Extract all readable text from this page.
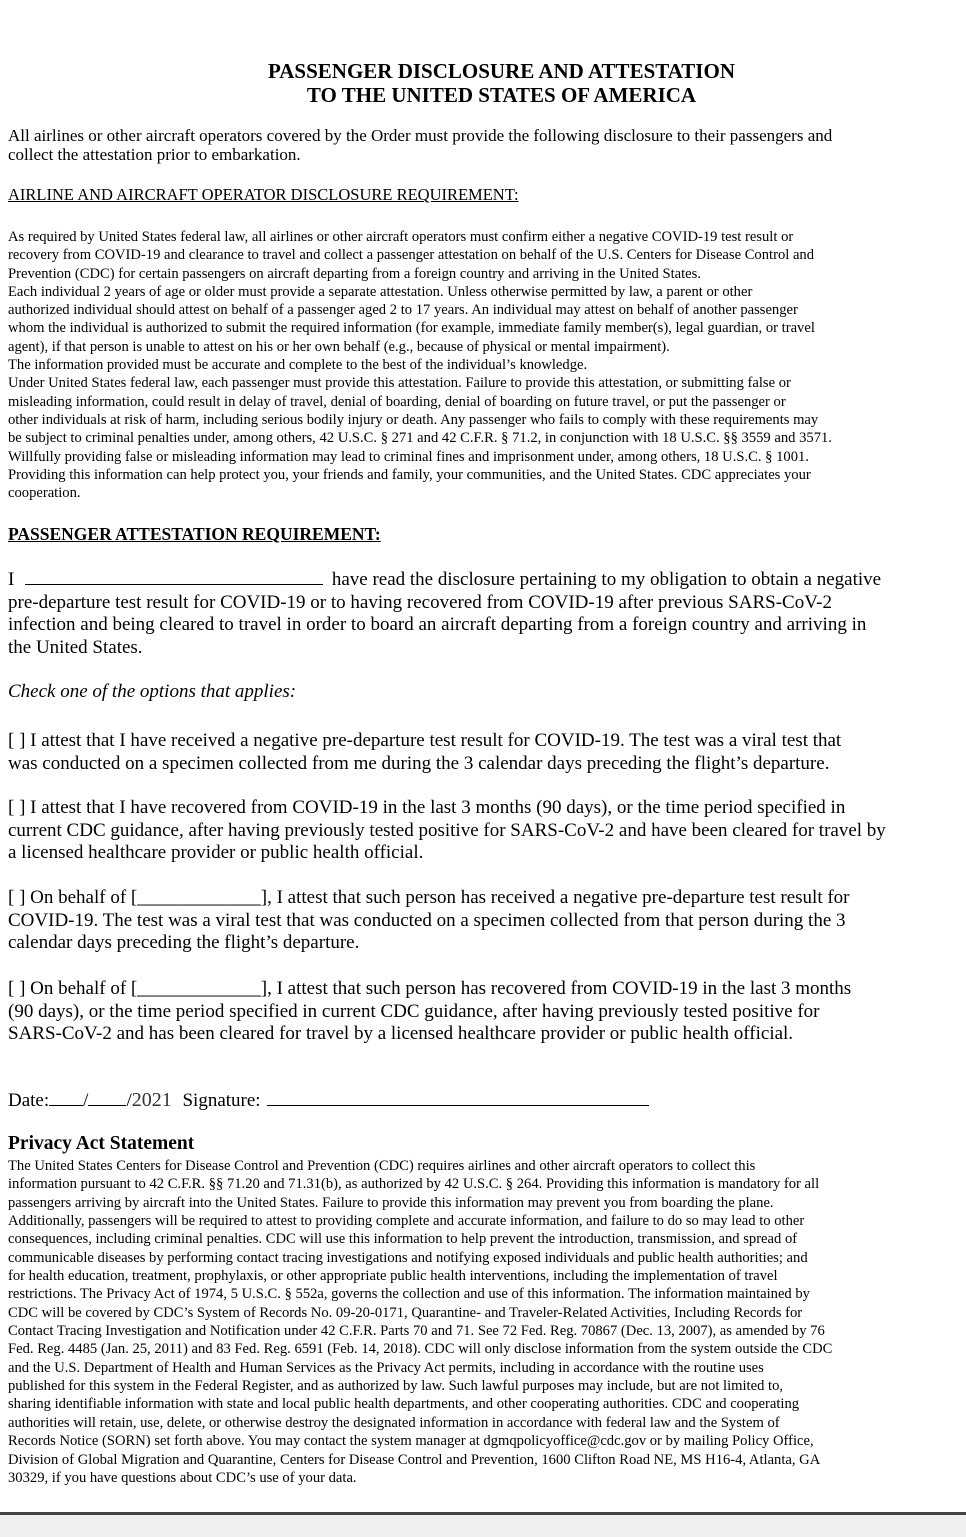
PASSENGER DISCLOSURE AND ATTESTATION
TO THE UNITED STATES OF AMERICA
All airlines or other aircraft operators covered by the Order must provide the following disclosure to their passengers and
collect the attestation prior to embarkation.
AIRLINE AND AIRCRAFT OPERATOR DISCLOSURE REQUIREMENT:
As required by United States federal law, all airlines or other aircraft operators must confirm either a negative COVID-19 test result or
recovery from COVID-19 and clearance to travel and collect a passenger attestation on behalf of the U.S. Centers for Disease Control and
Prevention (CDC) for certain passengers on aircraft departing from a foreign country and arriving in the United States.
Each individual 2 years of age or older must provide a separate attestation. Unless otherwise permitted by law, a parent or other
authorized individual should attest on behalf of a passenger aged 2 to 17 years. An individual may attest on behalf of another passenger
whom the individual is authorized to submit the required information (for example, immediate family member(s), legal guardian, or travel
agent), if that person is unable to attest on his or her own behalf (e.g., because of physical or mental impairment).
The information provided must be accurate and complete to the best of the individual’s knowledge.
Under United States federal law, each passenger must provide this attestation. Failure to provide this attestation, or submitting false or
misleading information, could result in delay of travel, denial of boarding, denial of boarding on future travel, or put the passenger or
other individuals at risk of harm, including serious bodily injury or death. Any passenger who fails to comply with these requirements may
be subject to criminal penalties under, among others, 42 U.S.C. § 271 and 42 C.F.R. § 71.2, in conjunction with 18 U.S.C. §§ 3559 and 3571.
Willfully providing false or misleading information may lead to criminal fines and imprisonment under, among others, 18 U.S.C. § 1001.
Providing this information can help protect you, your friends and family, your communities, and the United States. CDC appreciates your
cooperation.
PASSENGER ATTESTATION REQUIREMENT:
I	have read the disclosure pertaining to my obligation to obtain a negative
pre-departure test result for COVID-19 or to having recovered from COVID-19 after previous SARS-CoV-2
infection and being cleared to travel in order to board an aircraft departing from a foreign country and arriving in
the United States.
Check one of the options that applies:
[ ] I attest that I have received a negative pre-departure test result for COVID-19. The test was a viral test that
was conducted on a specimen collected from me during the 3 calendar days preceding the flight’s departure.
[ ] I attest that I have recovered from COVID-19 in the last 3 months (90 days), or the time period specified in
current CDC guidance, after having previously tested positive for SARS-CoV-2 and have been cleared for travel by
a licensed healthcare provider or public health official.
[ ] On behalf of [_____________], I attest that such person has received a negative pre-departure test result for
COVID-19. The test was a viral test that was conducted on a specimen collected from that person during the 3
calendar days preceding the flight’s departure.
[ ] On behalf of [_____________], I attest that such person has recovered from COVID-19 in the last 3 months
(90 days), or the time period specified in current CDC guidance, after having previously tested positive for
SARS-CoV-2 and has been cleared for travel by a licensed healthcare provider or public health official.
Date: / /2021 Signature:
Privacy Act Statement
The United States Centers for Disease Control and Prevention (CDC) requires airlines and other aircraft operators to collect this
information pursuant to 42 C.F.R. §§ 71.20 and 71.31(b), as authorized by 42 U.S.C. § 264. Providing this information is mandatory for all
passengers arriving by aircraft into the United States. Failure to provide this information may prevent you from boarding the plane.
Additionally, passengers will be required to attest to providing complete and accurate information, and failure to do so may lead to other
consequences, including criminal penalties. CDC will use this information to help prevent the introduction, transmission, and spread of
communicable diseases by performing contact tracing investigations and notifying exposed individuals and public health authorities; and
for health education, treatment, prophylaxis, or other appropriate public health interventions, including the implementation of travel
restrictions. The Privacy Act of 1974, 5 U.S.C. § 552a, governs the collection and use of this information. The information maintained by
CDC will be covered by CDC’s System of Records No. 09-20-0171, Quarantine- and Traveler-Related Activities, Including Records for
Contact Tracing Investigation and Notification under 42 C.F.R. Parts 70 and 71. See 72 Fed. Reg. 70867 (Dec. 13, 2007), as amended by 76
Fed. Reg. 4485 (Jan. 25, 2011) and 83 Fed. Reg. 6591 (Feb. 14, 2018). CDC will only disclose information from the system outside the CDC
and the U.S. Department of Health and Human Services as the Privacy Act permits, including in accordance with the routine uses
published for this system in the Federal Register, and as authorized by law. Such lawful purposes may include, but are not limited to,
sharing identifiable information with state and local public health departments, and other cooperating authorities. CDC and cooperating
authorities will retain, use, delete, or otherwise destroy the designated information in accordance with federal law and the System of
Records Notice (SORN) set forth above. You may contact the system manager at dgmqpolicyoffice@cdc.gov or by mailing Policy Office,
Division of Global Migration and Quarantine, Centers for Disease Control and Prevention, 1600 Clifton Road NE, MS H16-4, Atlanta, GA
30329, if you have questions about CDC’s use of your data.
